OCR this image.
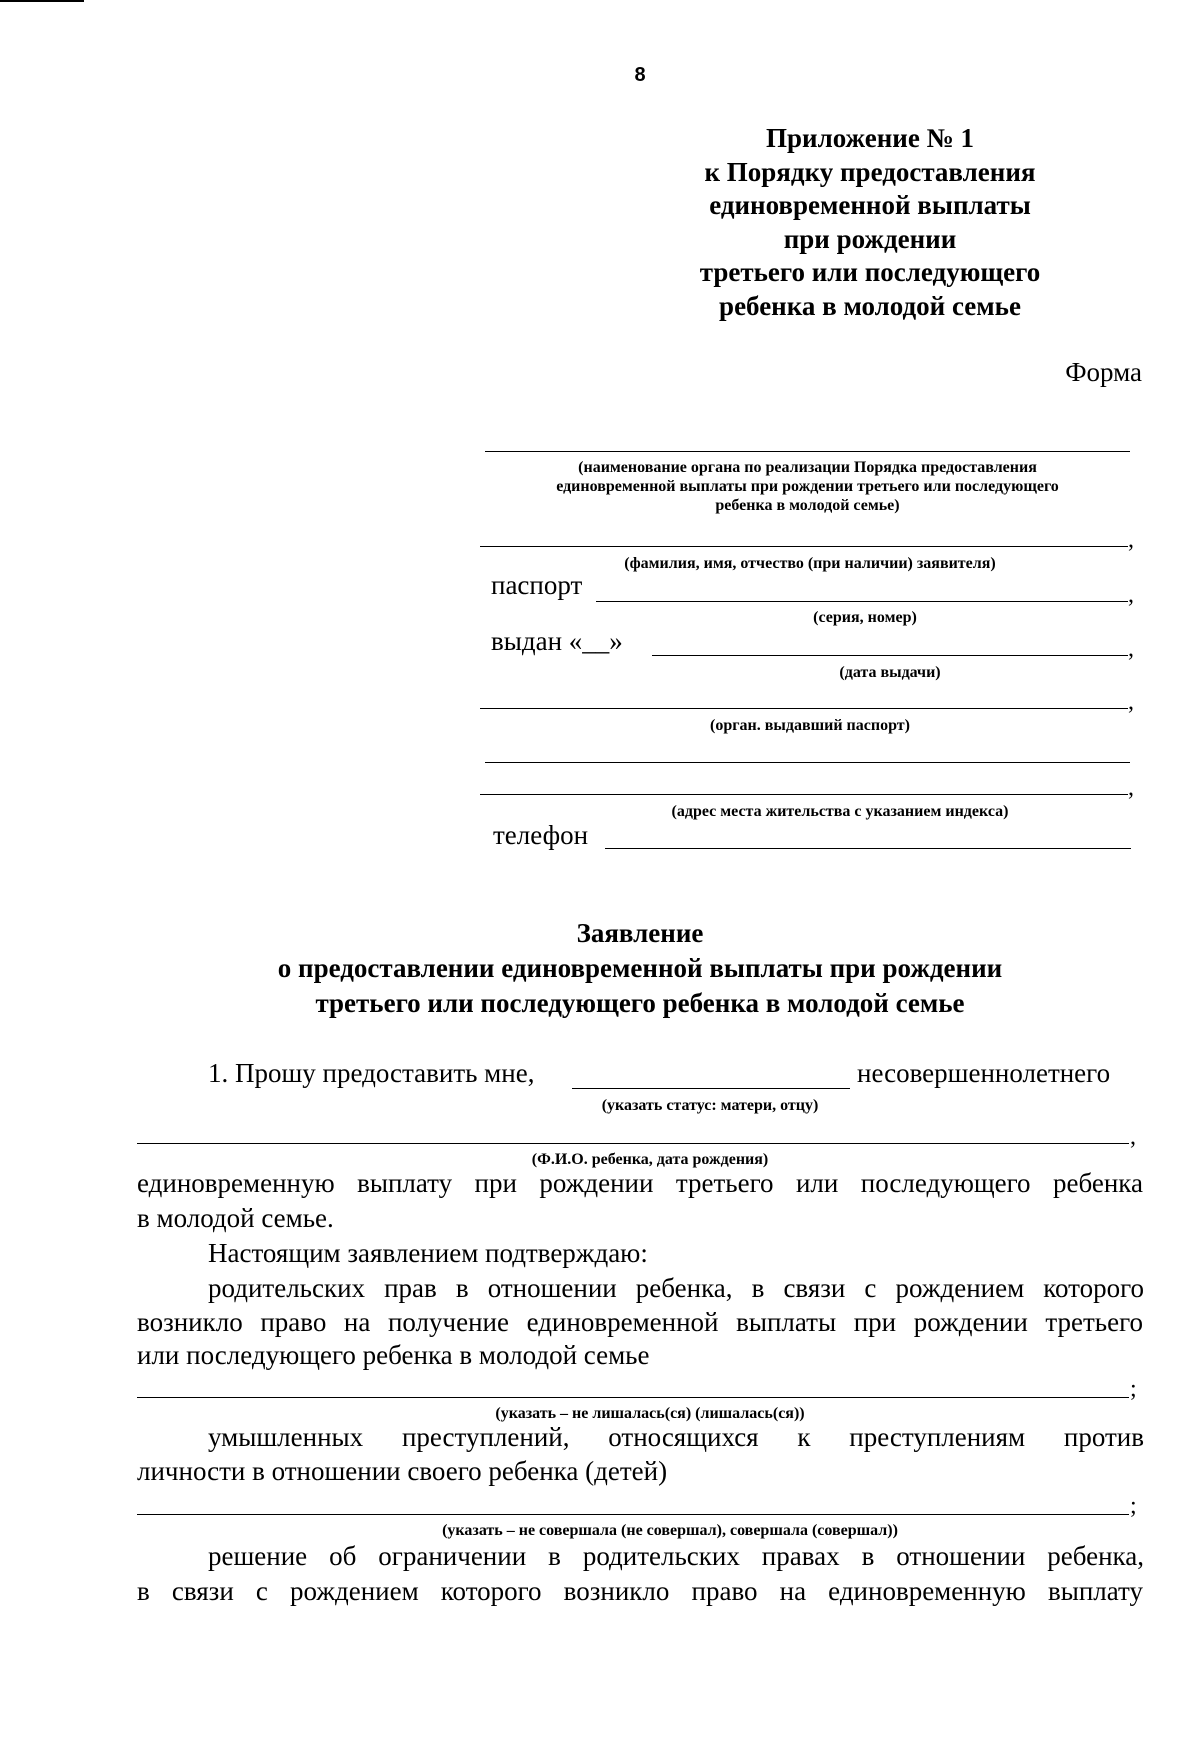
8
Приложение № 1
к Порядку предоставления
единовременной выплаты
при рождении
третьего или последующего
ребенка в молодой семье
Форма
(наименование органа по реализации Порядка предоставления
единовременной выплаты при рождении третьего или последующего
ребенка в молодой семье)
,
(фамилия, имя, отчество (при наличии) заявителя)
паспорт	,
(серия, номер)
выдан «__»	,
(дата выдачи)
,
(орган. выдавший паспорт)
,
(адрес места жительства с указанием индекса)
телефон
Заявление
о предоставлении единовременной выплаты при рождении
третьего или последующего ребенка в молодой семье
1. Прошу предоставить мне,	несовершеннолетнего
(указать статус: матери, отцу)
,
(Ф.И.О. ребенка, дата рождения)
единовременную выплату при рождении третьего или последующего ребенка
в молодой семье.
Настоящим заявлением подтверждаю:
родительских прав в отношении ребенка, в связи с рождением которого
возникло право на получение единовременной выплаты при рождении третьего
или последующего ребенка в молодой семье
;
(указать – не лишалась(ся) (лишалась(ся))
умышленных преступлений, относящихся к преступлениям против
личности в отношении своего ребенка (детей)
;
(указать – не совершала (не совершал), совершала (совершал))
решение об ограничении в родительских правах в отношении ребенка,
в связи с рождением которого возникло право на единовременную выплату
